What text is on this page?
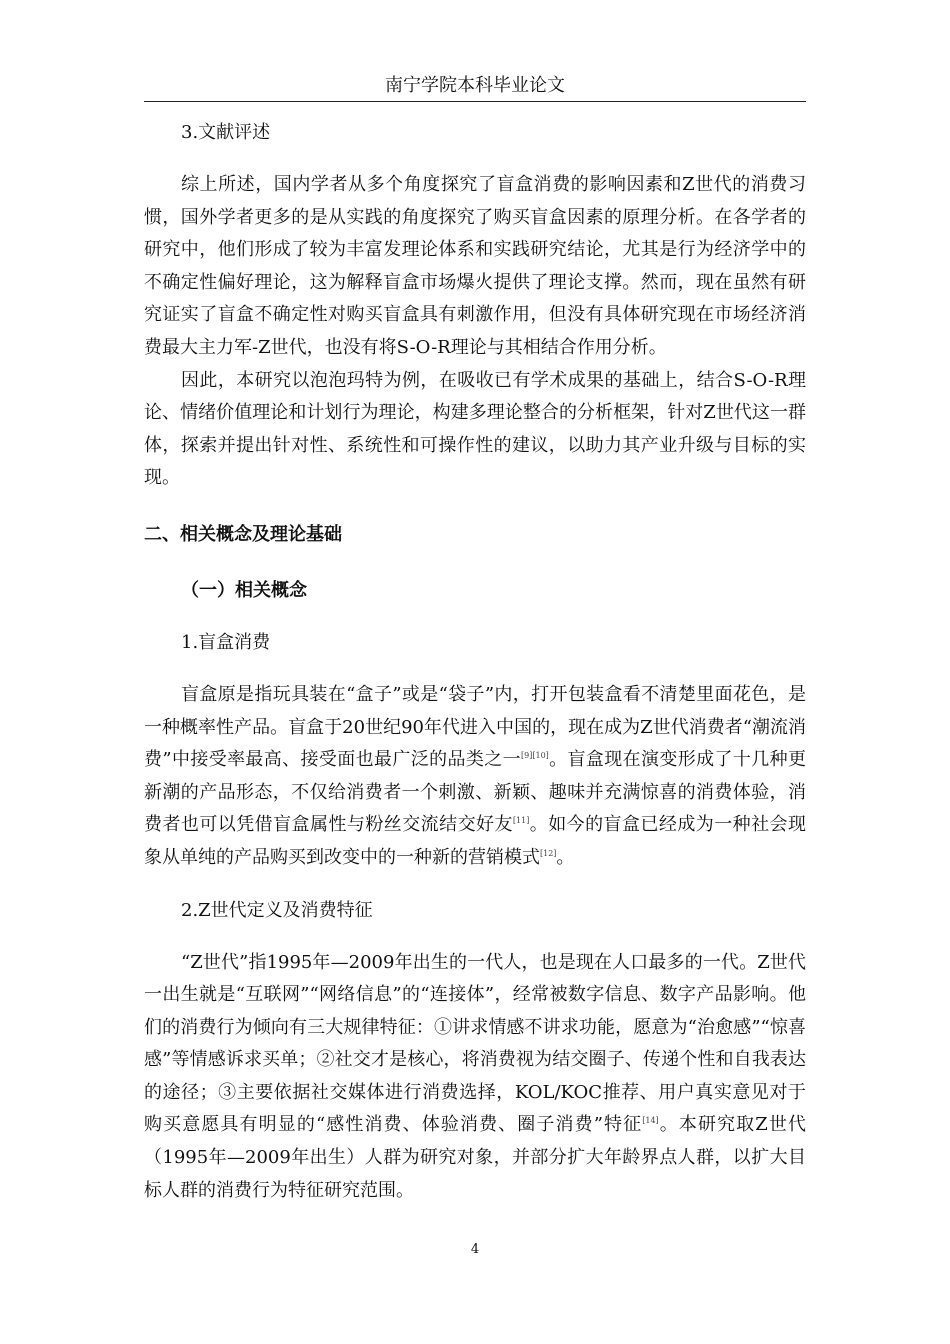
南宁学院本科毕业论文

3.文献评述

综上所述，国内学者从多个角度探究了盲盒消费的影响因素和Z世代的消费习惯，国外学者更多的是从实践的角度探究了购买盲盒因素的原理分析。在各学者的研究中，他们形成了较为丰富发理论体系和实践研究结论，尤其是行为经济学中的不确定性偏好理论，这为解释盲盒市场爆火提供了理论支撑。然而，现在虽然有研究证实了盲盒不确定性对购买盲盒具有刺激作用，但没有具体研究现在市场经济消费最大主力军-Z世代，也没有将S-O-R理论与其相结合作用分析。

因此，本研究以泡泡玛特为例，在吸收已有学术成果的基础上，结合S-O-R理论、情绪价值理论和计划行为理论，构建多理论整合的分析框架，针对Z世代这一群体，探索并提出针对性、系统性和可操作性的建议，以助力其产业升级与目标的实现。

二、相关概念及理论基础

（一）相关概念

1.盲盒消费

盲盒原是指玩具装在“盒子”或是“袋子”内，打开包装盒看不清楚里面花色，是一种概率性产品。盲盒于20世纪90年代进入中国的，现在成为Z世代消费者“潮流消费”中接受率最高、接受面也最广泛的品类之一[9][10]。盲盒现在演变形成了十几种更新潮的产品形态，不仅给消费者一个刺激、新颖、趣味并充满惊喜的消费体验，消费者也可以凭借盲盒属性与粉丝交流结交好友[11]。如今的盲盒已经成为一种社会现象从单纯的产品购买到改变中的一种新的营销模式[12]。

2.Z世代定义及消费特征

“Z世代”指1995年—2009年出生的一代人，也是现在人口最多的一代。Z世代一出生就是“互联网”“网络信息”的“连接体”，经常被数字信息、数字产品影响。他们的消费行为倾向有三大规律特征：①讲求情感不讲求功能，愿意为“治愈感”“惊喜感”等情感诉求买单；②社交才是核心，将消费视为结交圈子、传递个性和自我表达的途径；③主要依据社交媒体进行消费选择，KOL/KOC推荐、用户真实意见对于购买意愿具有明显的“感性消费、体验消费、圈子消费”特征[14]。本研究取Z世代（1995年—2009年出生）人群为研究对象，并部分扩大年龄界点人群，以扩大目标人群的消费行为特征研究范围。

4
